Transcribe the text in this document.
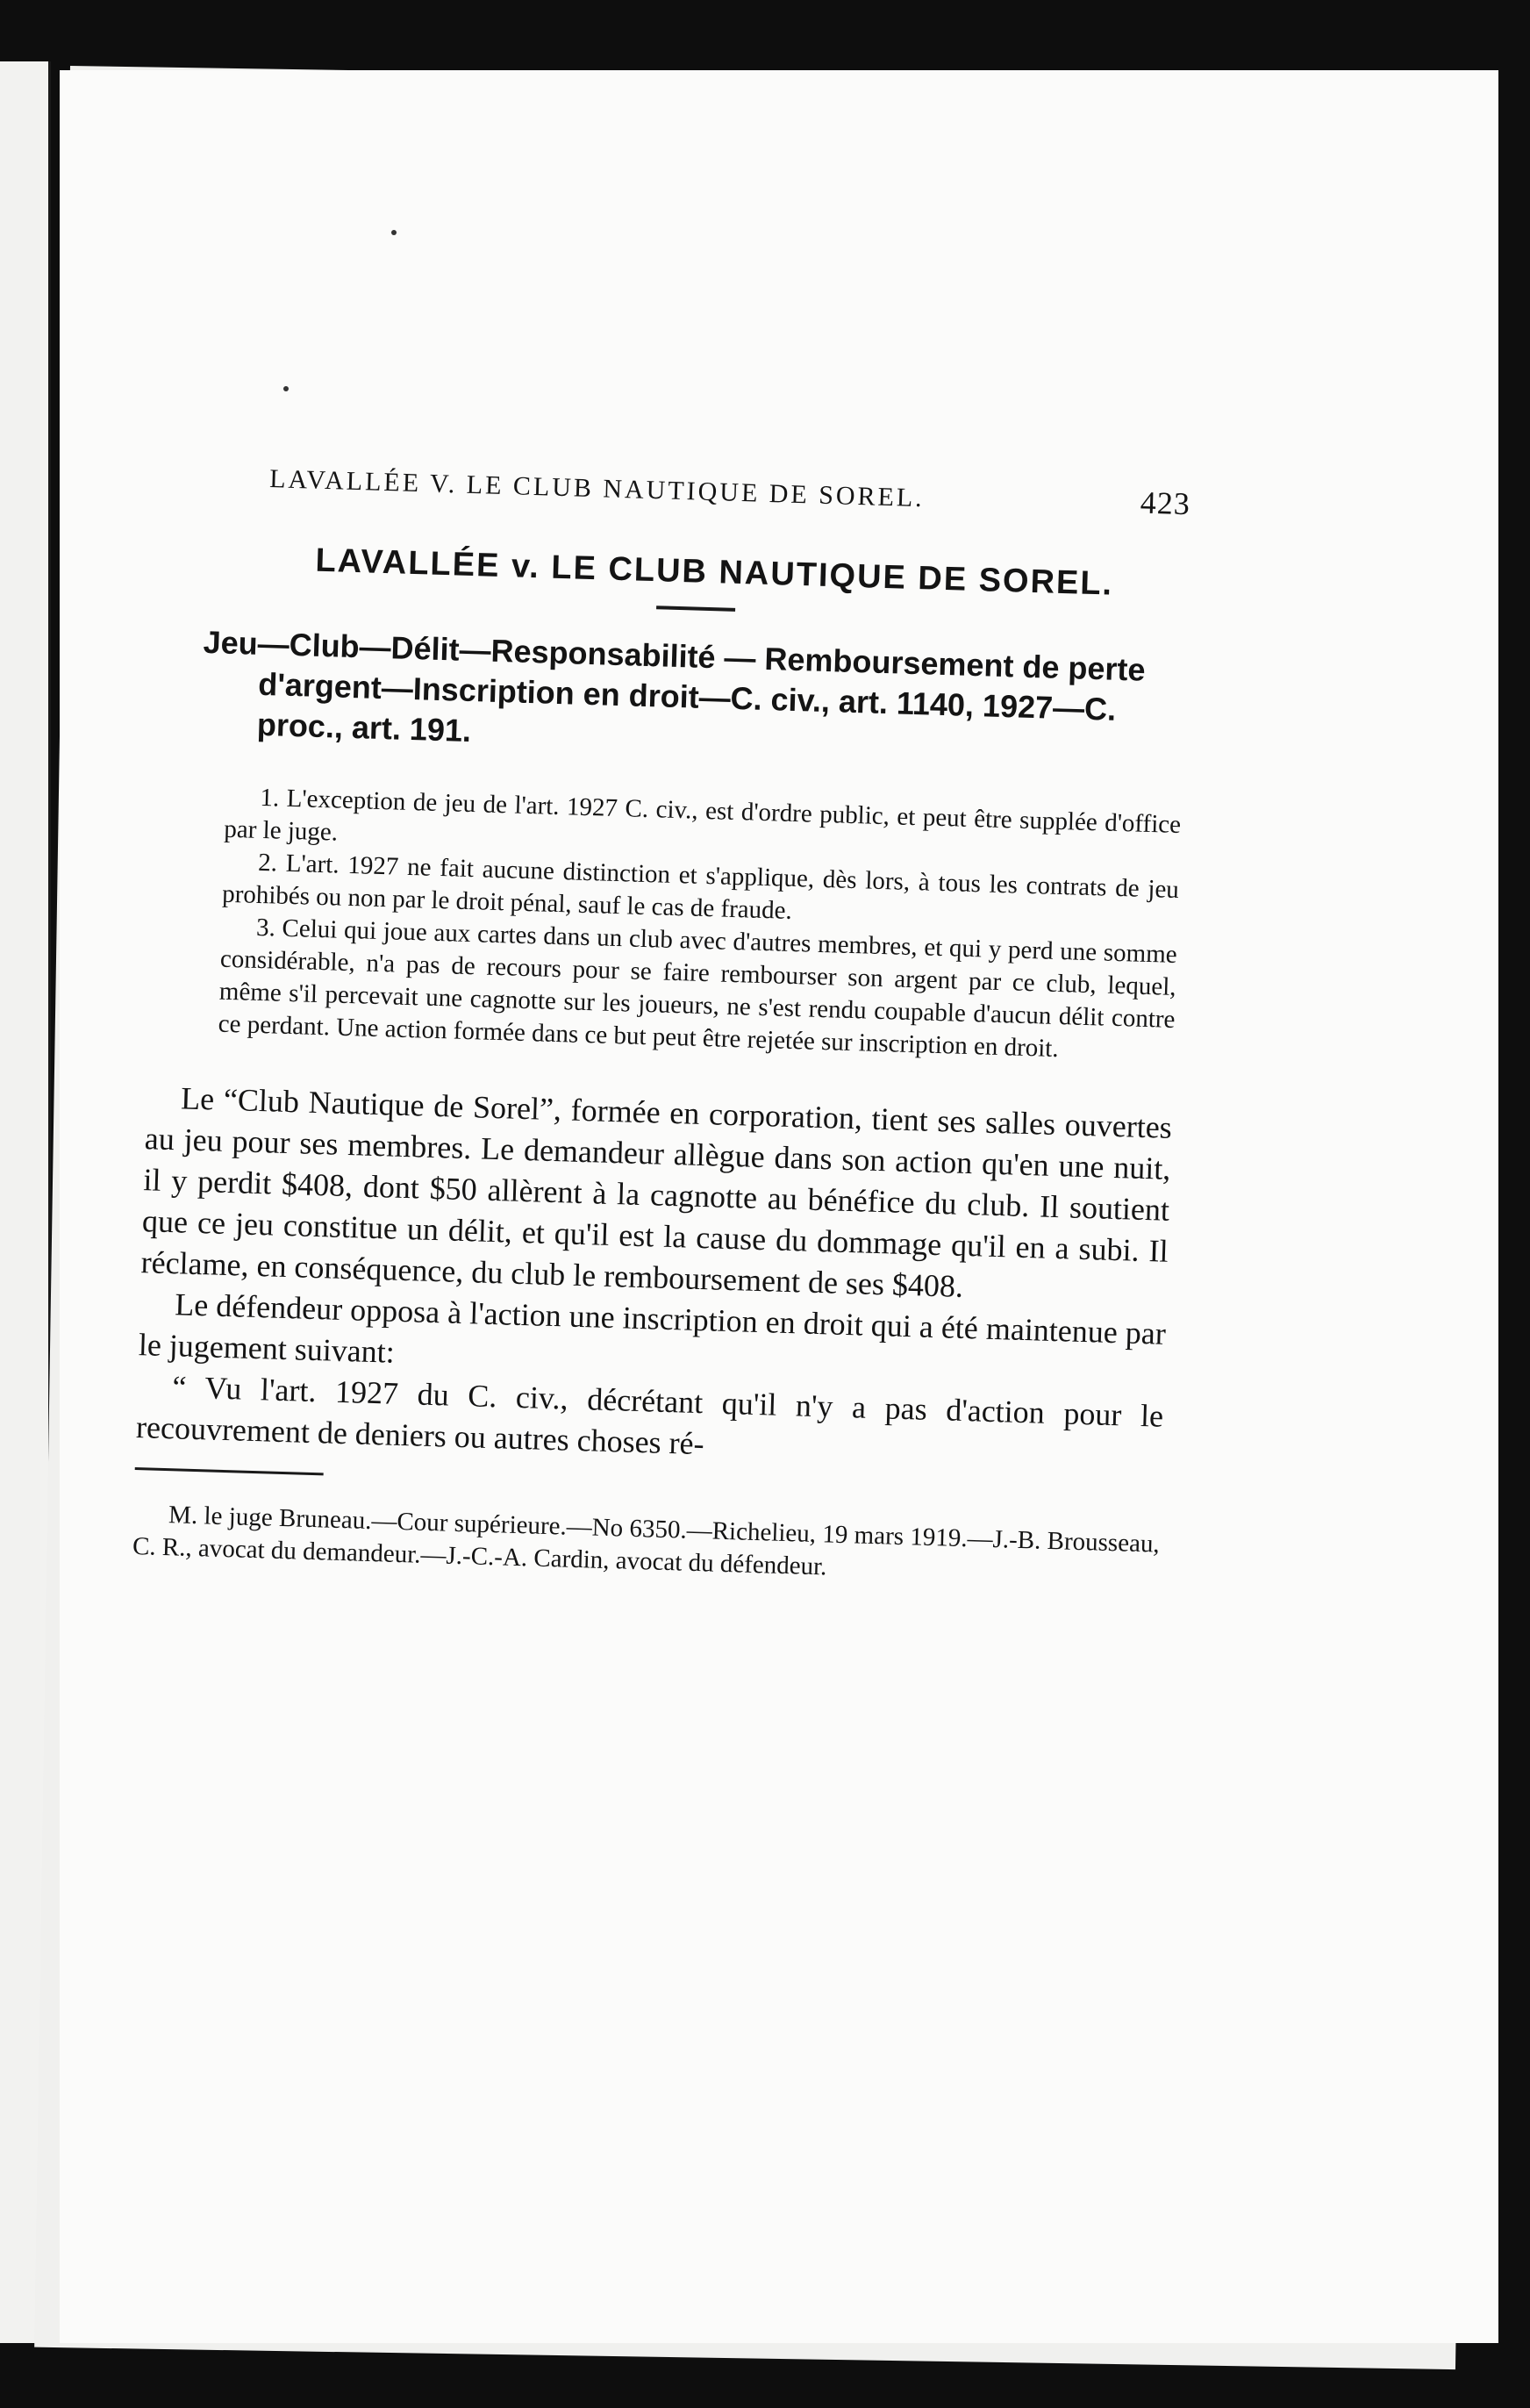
LAVALLÉE V. LE CLUB NAUTIQUE DE SOREL.	423
LAVALLÉE v. LE CLUB NAUTIQUE DE SOREL.
Jeu—Club—Délit—Responsabilité — Remboursement de perte d'argent—Inscription en droit—C. civ., art. 1140, 1927—C. proc., art. 191.

1. L'exception de jeu de l'art. 1927 C. civ., est d'ordre public, et peut être supplée d'office par le juge.

2. L'art. 1927 ne fait aucune distinction et s'applique, dès lors, à tous les contrats de jeu prohibés ou non par le droit pénal, sauf le cas de fraude.

3. Celui qui joue aux cartes dans un club avec d'autres membres, et qui y perd une somme considérable, n'a pas de recours pour se faire rembourser son argent par ce club, lequel, même s'il percevait une cagnotte sur les joueurs, ne s'est rendu coupable d'aucun délit contre ce perdant. Une action formée dans ce but peut être rejetée sur inscription en droit.

Le “Club Nautique de Sorel”, formée en corporation, tient ses salles ouvertes au jeu pour ses membres. Le demandeur allègue dans son action qu'en une nuit, il y perdit $408, dont $50 allèrent à la cagnotte au bénéfice du club. Il soutient que ce jeu constitue un délit, et qu'il est la cause du dommage qu'il en a subi. Il réclame, en conséquence, du club le remboursement de ses $408.

Le défendeur opposa à l'action une inscription en droit qui a été maintenue par le jugement suivant:

“ Vu l'art. 1927 du C. civ., décrétant qu'il n'y a pas d'action pour le recouvrement de deniers ou autres choses ré-

M. le juge Bruneau.—Cour supérieure.—No 6350.—Richelieu, 19 mars 1919.—J.-B. Brousseau, C. R., avocat du demandeur.—J.-C.-A. Cardin, avocat du défendeur.
